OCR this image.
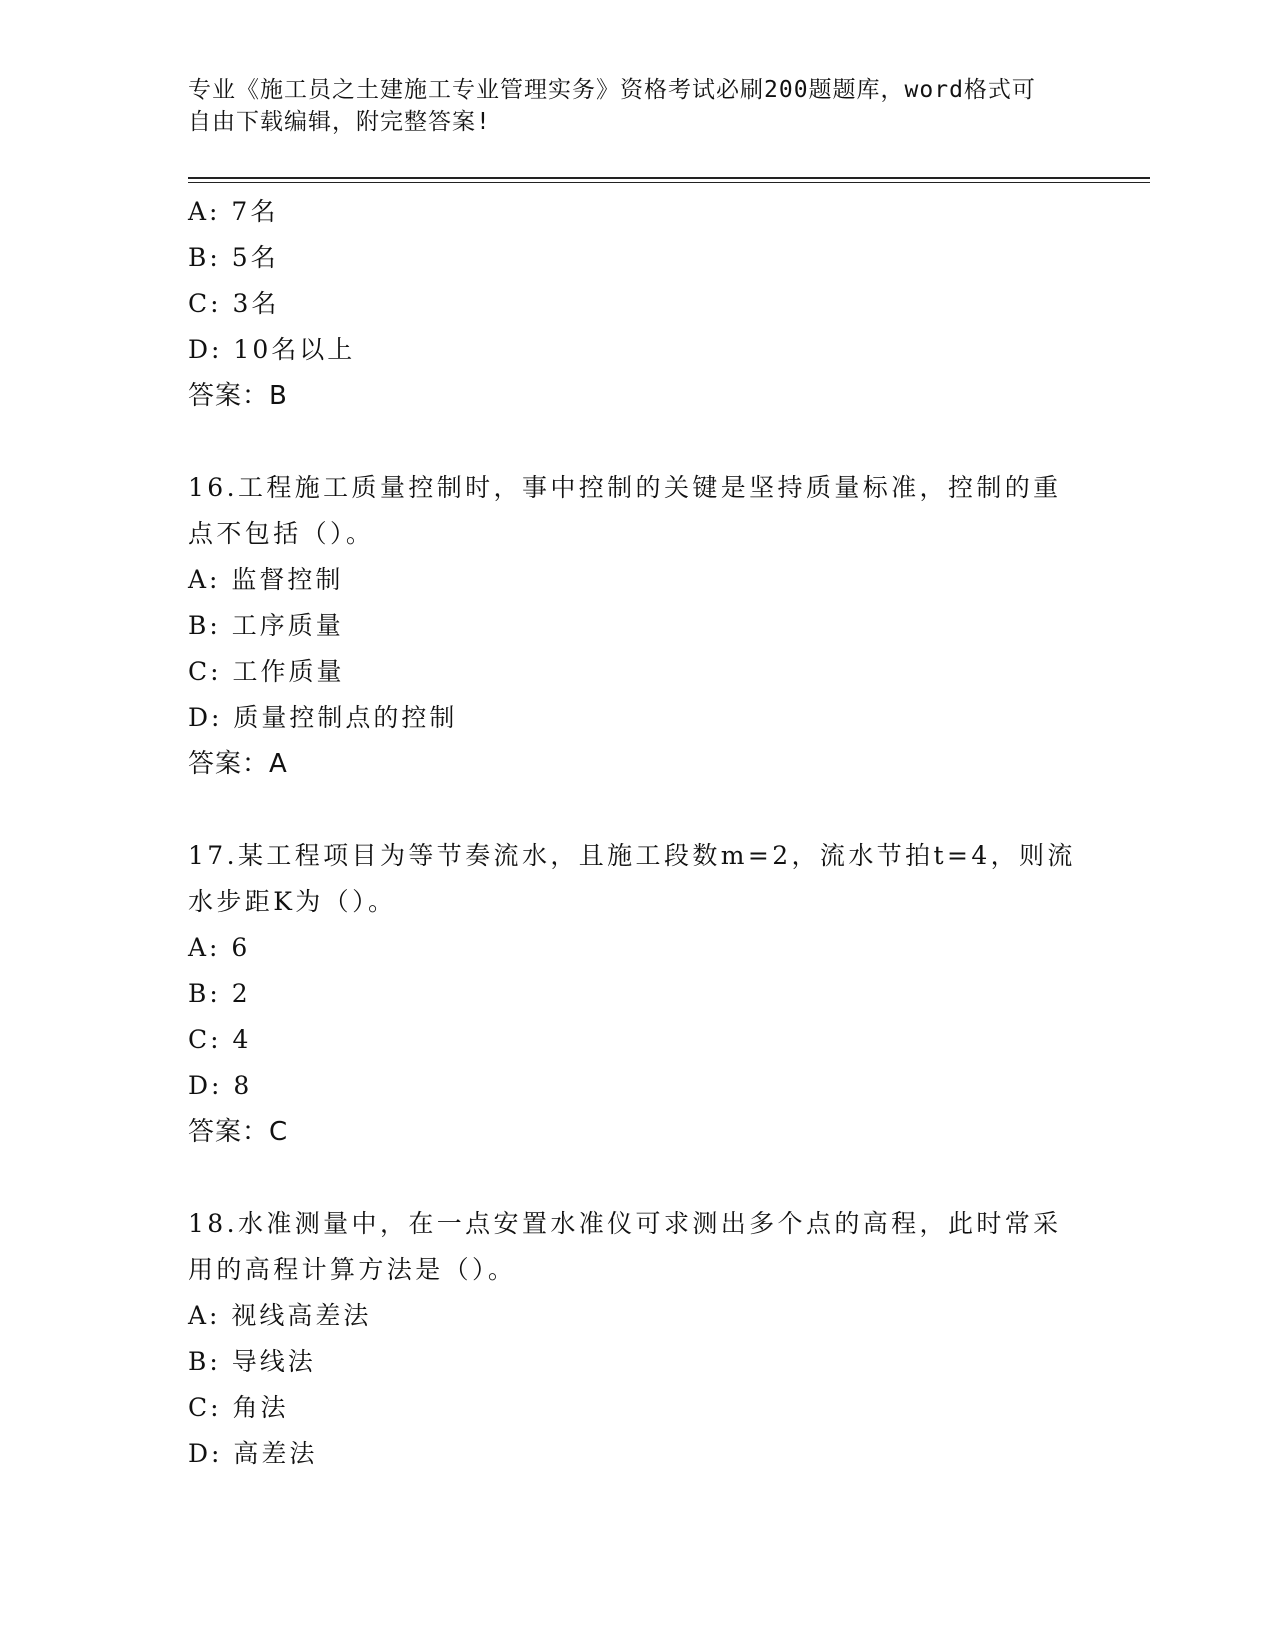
专业《施工员之土建施工专业管理实务》资格考试必刷200题题库，word格式可
自由下载编辑，附完整答案!
A: 7名
B: 5名
C: 3名
D: 10名以上
答案：B
16.工程施工质量控制时，事中控制的关键是坚持质量标准，控制的重
点不包括（）。
A: 监督控制
B: 工序质量
C: 工作质量
D: 质量控制点的控制
答案：A
17.某工程项目为等节奏流水，且施工段数m=2，流水节拍t=4，则流
水步距K为（）。
A: 6
B: 2
C: 4
D: 8
答案：C
18.水准测量中，在一点安置水准仪可求测出多个点的高程，此时常采
用的高程计算方法是（）。
A: 视线高差法
B: 导线法
C: 角法
D: 高差法
